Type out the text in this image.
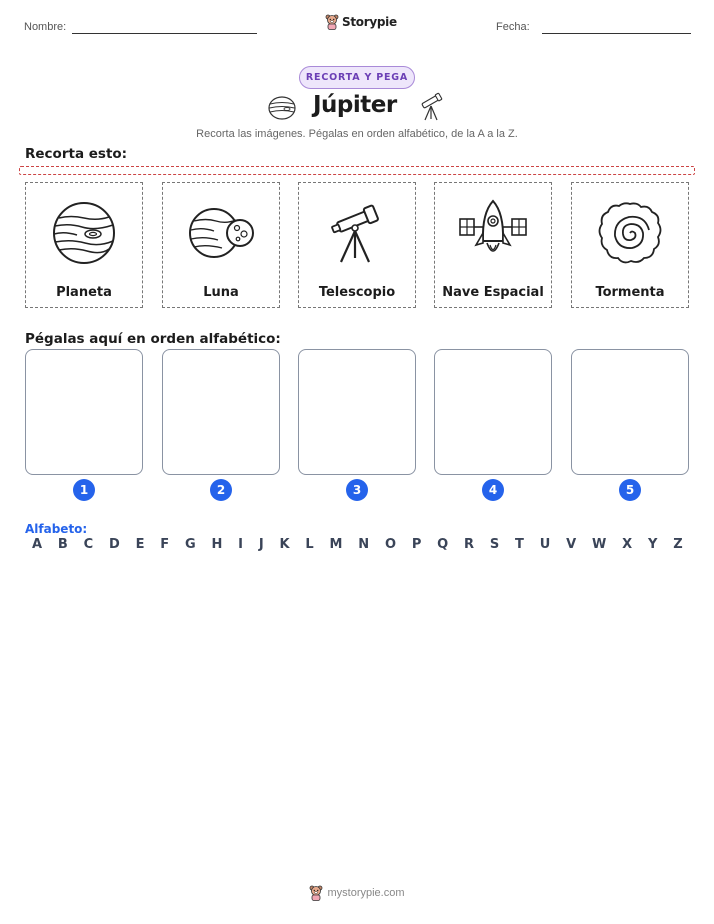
Nombre:	Storypie	Fecha:
RECORTA Y PEGA
Júpiter
Recorta las imágenes. Pégalas en orden alfabético, de la A a la Z.
Recorta esto:
Planeta	Luna	Telescopio	Nave Espacial	Tormenta
Pégalas aquí en orden alfabético:
1	2	3	4	5
Alfabeto:
A B C D E F G H I J K L M N O P Q R S T U V W X Y Z
mystorypie.com
